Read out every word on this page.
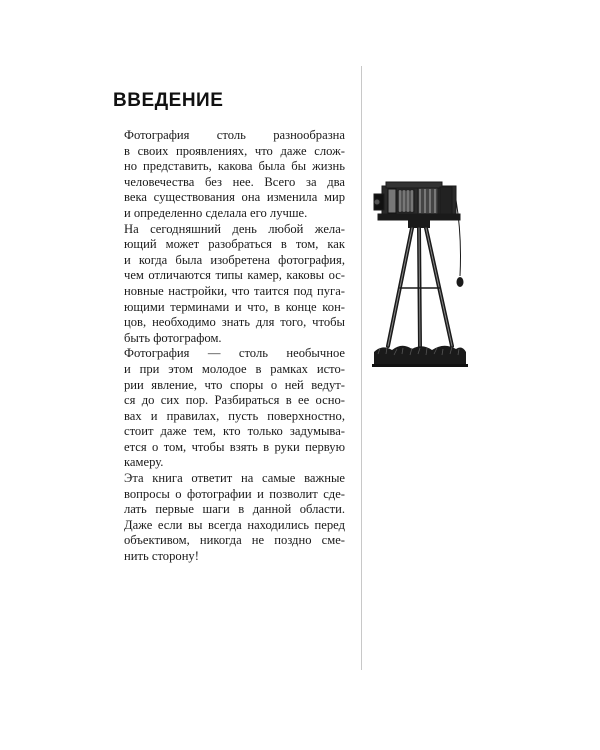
ВВЕДЕНИЕ

Фотография столь разнообразна
в своих проявлениях, что даже слож-
но представить, какова была бы жизнь
человечества без нее. Всего за два
века существования она изменила мир
и определенно сделала его лучше.

На сегодняшний день любой жела-
ющий может разобраться в том, как
и когда была изобретена фотография,
чем отличаются типы камер, каковы ос-
новные настройки, что таится под пуга-
ющими терминами и что, в конце кон-
цов, необходимо знать для того, чтобы
быть фотографом.

Фотография — столь необычное
и при этом молодое в рамках исто-
рии явление, что споры о ней ведут-
ся до сих пор. Разбираться в ее осно-
вах и правилах, пусть поверхностно,
стоит даже тем, кто только задумыва-
ется о том, чтобы взять в руки первую
камеру.

Эта книга ответит на самые важные
вопросы о фотографии и позволит сде-
лать первые шаги в данной области.
Даже если вы всегда находились перед
объективом, никогда не поздно сме-
нить сторону!
